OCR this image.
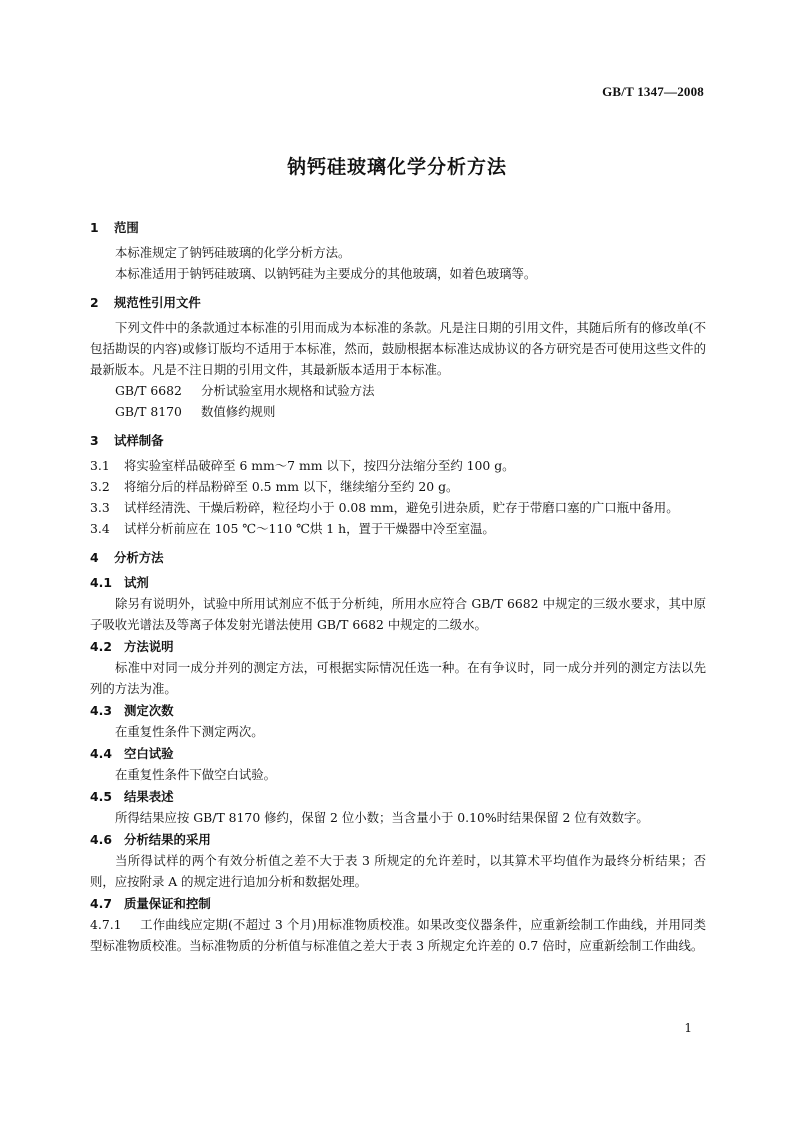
GB/T 1347—2008
钠钙硅玻璃化学分析方法
1 范围
本标准规定了钠钙硅玻璃的化学分析方法。
本标准适用于钠钙硅玻璃、以钠钙硅为主要成分的其他玻璃，如着色玻璃等。
2 规范性引用文件
下列文件中的条款通过本标准的引用而成为本标准的条款。凡是注日期的引用文件，其随后所有的修改单(不包括勘误的内容)或修订版均不适用于本标准，然而，鼓励根据本标准达成协议的各方研究是否可使用这些文件的最新版本。凡是不注日期的引用文件，其最新版本适用于本标准。
GB/T 6682 分析试验室用水规格和试验方法
GB/T 8170 数值修约规则
3 试样制备
3.1 将实验室样品破碎至 6 mm～7 mm 以下，按四分法缩分至约 100 g。
3.2 将缩分后的样品粉碎至 0.5 mm 以下，继续缩分至约 20 g。
3.3 试样经清洗、干燥后粉碎，粒径均小于 0.08 mm，避免引进杂质，贮存于带磨口塞的广口瓶中备用。
3.4 试样分析前应在 105 ℃～110 ℃烘 1 h，置于干燥器中冷至室温。
4 分析方法
4.1 试剂
除另有说明外，试验中所用试剂应不低于分析纯，所用水应符合 GB/T 6682 中规定的三级水要求，其中原子吸收光谱法及等离子体发射光谱法使用 GB/T 6682 中规定的二级水。
4.2 方法说明
标准中对同一成分并列的测定方法，可根据实际情况任选一种。在有争议时，同一成分并列的测定方法以先列的方法为准。
4.3 测定次数
在重复性条件下测定两次。
4.4 空白试验
在重复性条件下做空白试验。
4.5 结果表述
所得结果应按 GB/T 8170 修约，保留 2 位小数；当含量小于 0.10%时结果保留 2 位有效数字。
4.6 分析结果的采用
当所得试样的两个有效分析值之差不大于表 3 所规定的允许差时，以其算术平均值作为最终分析结果；否则，应按附录 A 的规定进行追加分析和数据处理。
4.7 质量保证和控制
4.7.1 工作曲线应定期(不超过 3 个月)用标准物质校准。如果改变仪器条件，应重新绘制工作曲线，并用同类型标准物质校准。当标准物质的分析值与标准值之差大于表 3 所规定允许差的 0.7 倍时，应重新绘制工作曲线。
1
